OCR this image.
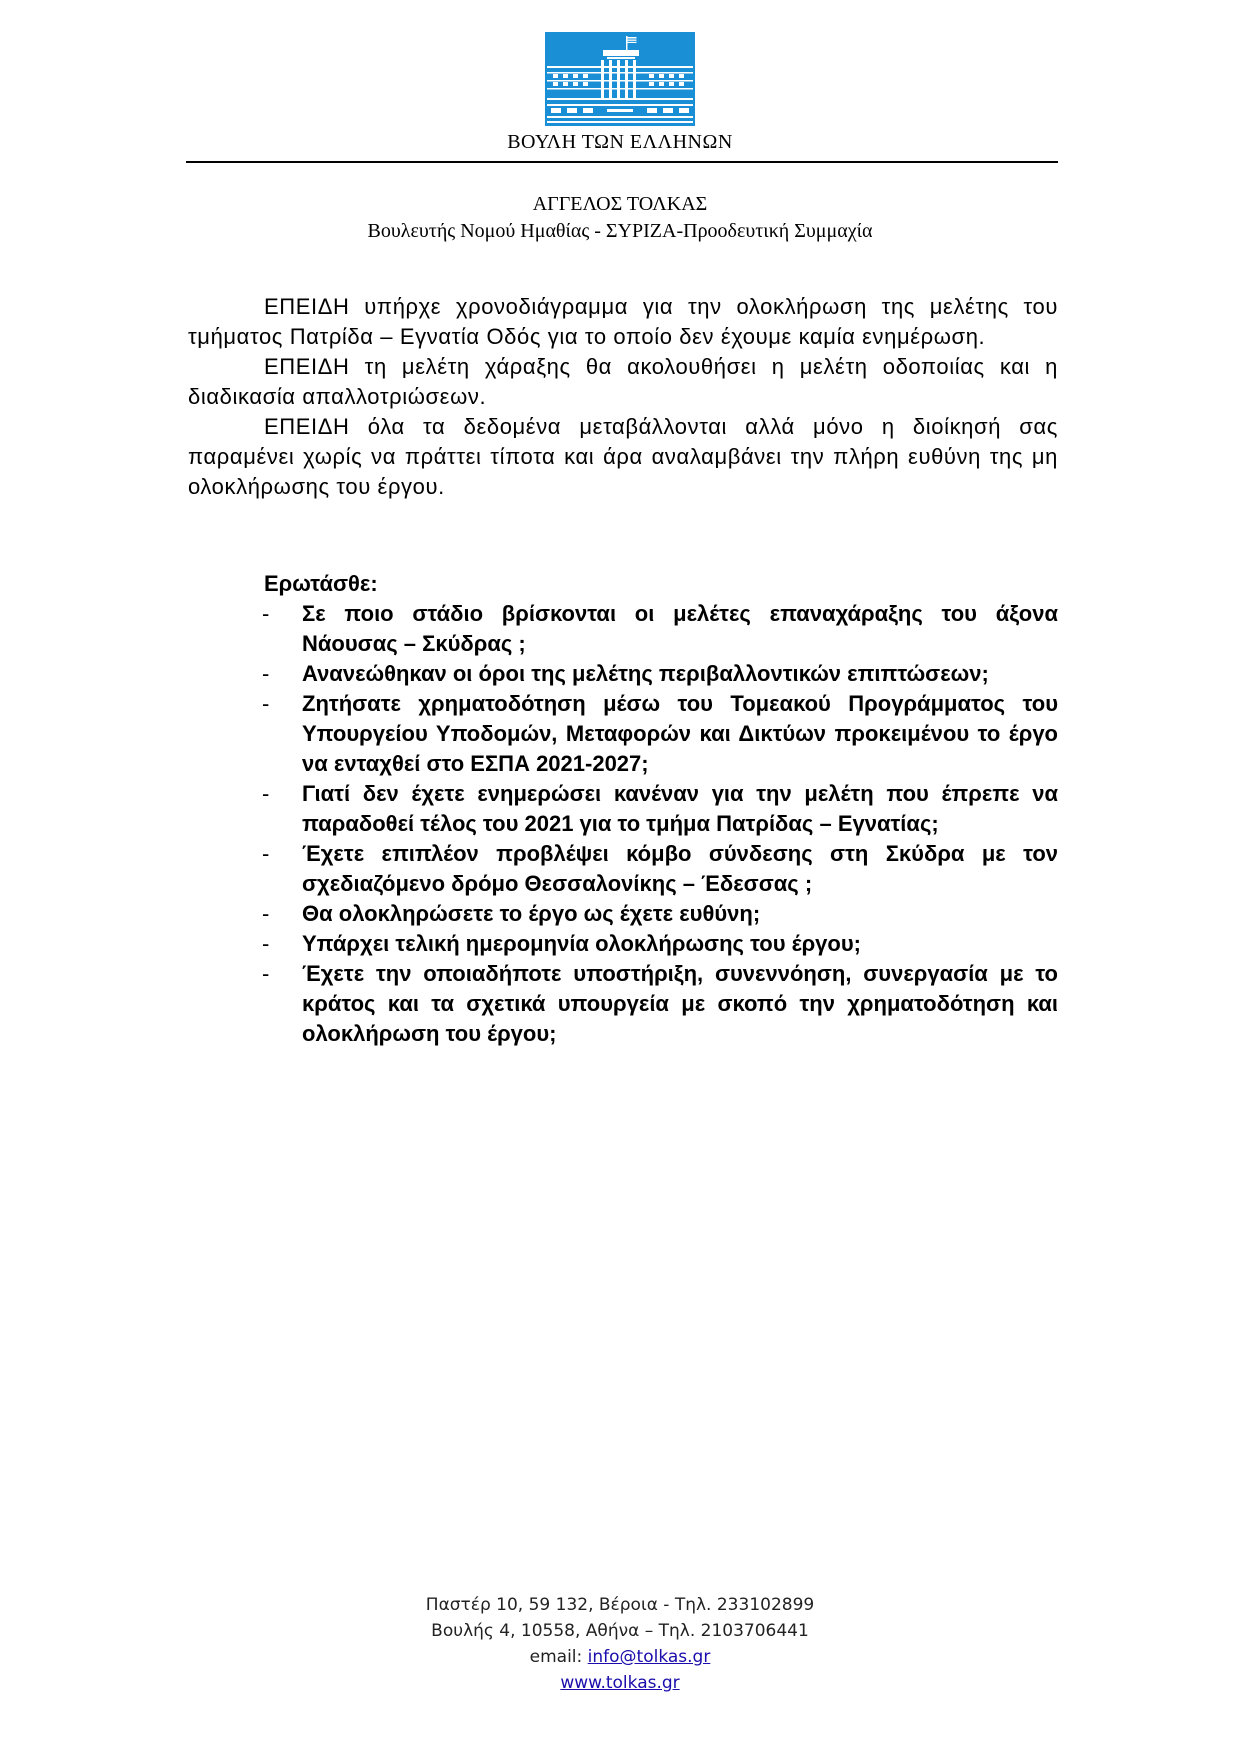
ΒΟΥΛΗ ΤΩΝ ΕΛΛΗΝΩΝ
ΑΓΓΕΛΟΣ ΤΟΛΚΑΣ
Βουλευτής Νομού Ημαθίας - ΣΥΡΙΖΑ-Προοδευτική Συμμαχία

ΕΠΕΙΔΗ υπήρχε χρονοδιάγραμμα για την ολοκλήρωση της μελέτης του τμήματος Πατρίδα – Εγνατία Οδός για το οποίο δεν έχουμε καμία ενημέρωση.

ΕΠΕΙΔΗ τη μελέτη χάραξης θα ακολουθήσει η μελέτη οδοποιίας και η διαδικασία απαλλοτριώσεων.

ΕΠΕΙΔΗ όλα τα δεδομένα μεταβάλλονται αλλά μόνο η διοίκησή σας παραμένει χωρίς να πράττει τίποτα και άρα αναλαμβάνει την πλήρη ευθύνη της μη ολοκλήρωσης του έργου.

Ερωτάσθε:
- Σε ποιο στάδιο βρίσκονται οι μελέτες επαναχάραξης του άξονα Νάουσας – Σκύδρας ;
- Ανανεώθηκαν οι όροι της μελέτης περιβαλλοντικών επιπτώσεων;
- Ζητήσατε χρηματοδότηση μέσω του Τομεακού Προγράμματος του Υπουργείου Υποδομών, Μεταφορών και Δικτύων προκειμένου το έργο να ενταχθεί στο ΕΣΠΑ 2021-2027;
- Γιατί δεν έχετε ενημερώσει κανέναν για την μελέτη που έπρεπε να παραδοθεί τέλος του 2021 για το τμήμα Πατρίδας – Εγνατίας;
- Έχετε επιπλέον προβλέψει κόμβο σύνδεσης στη Σκύδρα με τον σχεδιαζόμενο δρόμο Θεσσαλονίκης – Έδεσσας ;
- Θα ολοκληρώσετε το έργο ως έχετε ευθύνη;
- Υπάρχει τελική ημερομηνία ολοκλήρωσης του έργου;
- Έχετε την οποιαδήποτε υποστήριξη, συνεννόηση, συνεργασία με το κράτος και τα σχετικά υπουργεία με σκοπό την χρηματοδότηση και ολοκλήρωση του έργου;
Παστέρ 10, 59 132, Βέροια - Τηλ. 233102899
Βουλής 4, 10558, Αθήνα – Τηλ. 2103706441
email: info@tolkas.gr
www.tolkas.gr
